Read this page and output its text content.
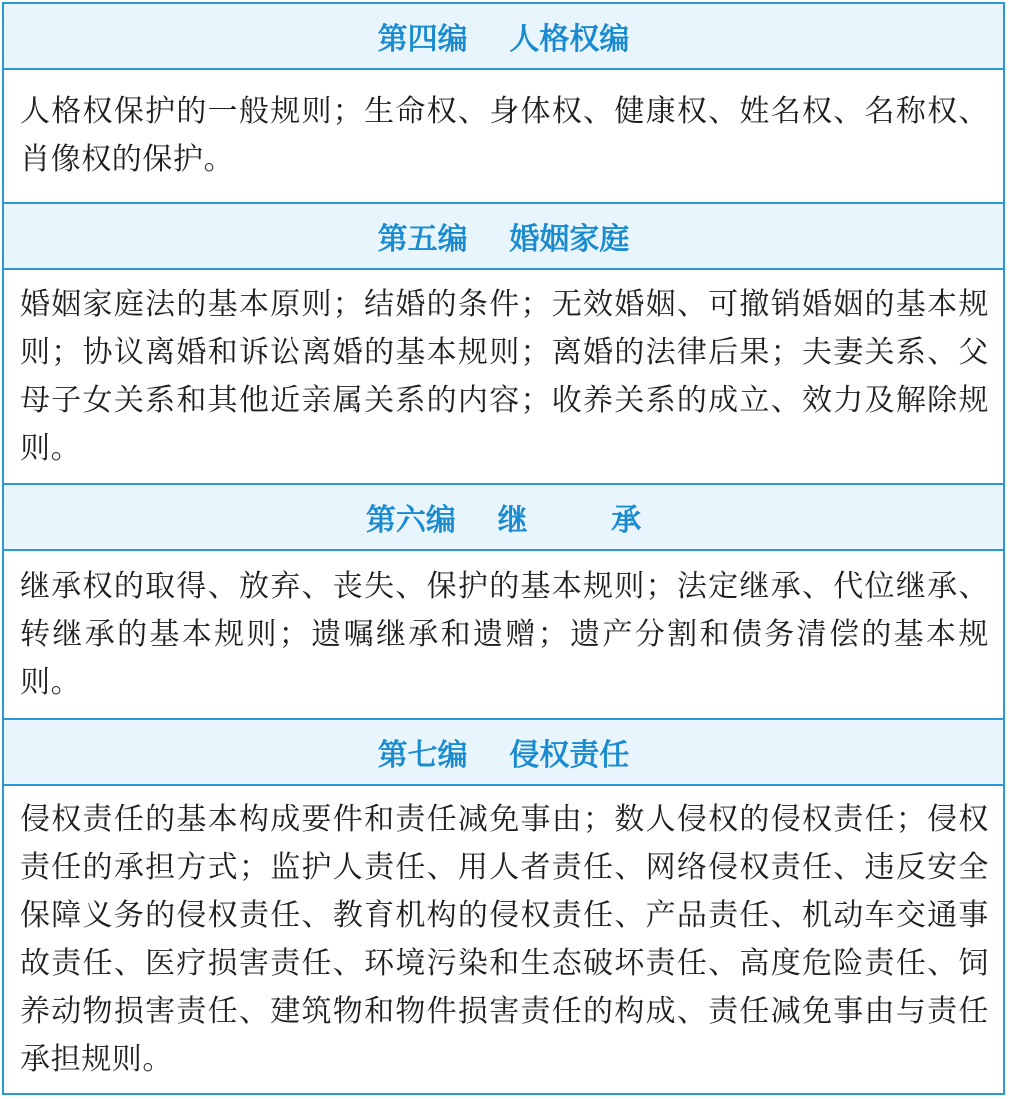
第四编    人格权编
人格权保护的一般规则；生命权、身体权、健康权、姓名权、名称权、肖像权的保护。
第五编    婚姻家庭
婚姻家庭法的基本原则；结婚的条件；无效婚姻、可撤销婚姻的基本规则；协议离婚和诉讼离婚的基本规则；离婚的法律后果；夫妻关系、父母子女关系和其他近亲属关系的内容；收养关系的成立、效力及解除规则。
第六编    继        承
继承权的取得、放弃、丧失、保护的基本规则；法定继承、代位继承、转继承的基本规则；遗嘱继承和遗赠；遗产分割和债务清偿的基本规则。
第七编    侵权责任
侵权责任的基本构成要件和责任减免事由；数人侵权的侵权责任；侵权责任的承担方式；监护人责任、用人者责任、网络侵权责任、违反安全保障义务的侵权责任、教育机构的侵权责任、产品责任、机动车交通事故责任、医疗损害责任、环境污染和生态破坏责任、高度危险责任、饲养动物损害责任、建筑物和物件损害责任的构成、责任减免事由与责任承担规则。
